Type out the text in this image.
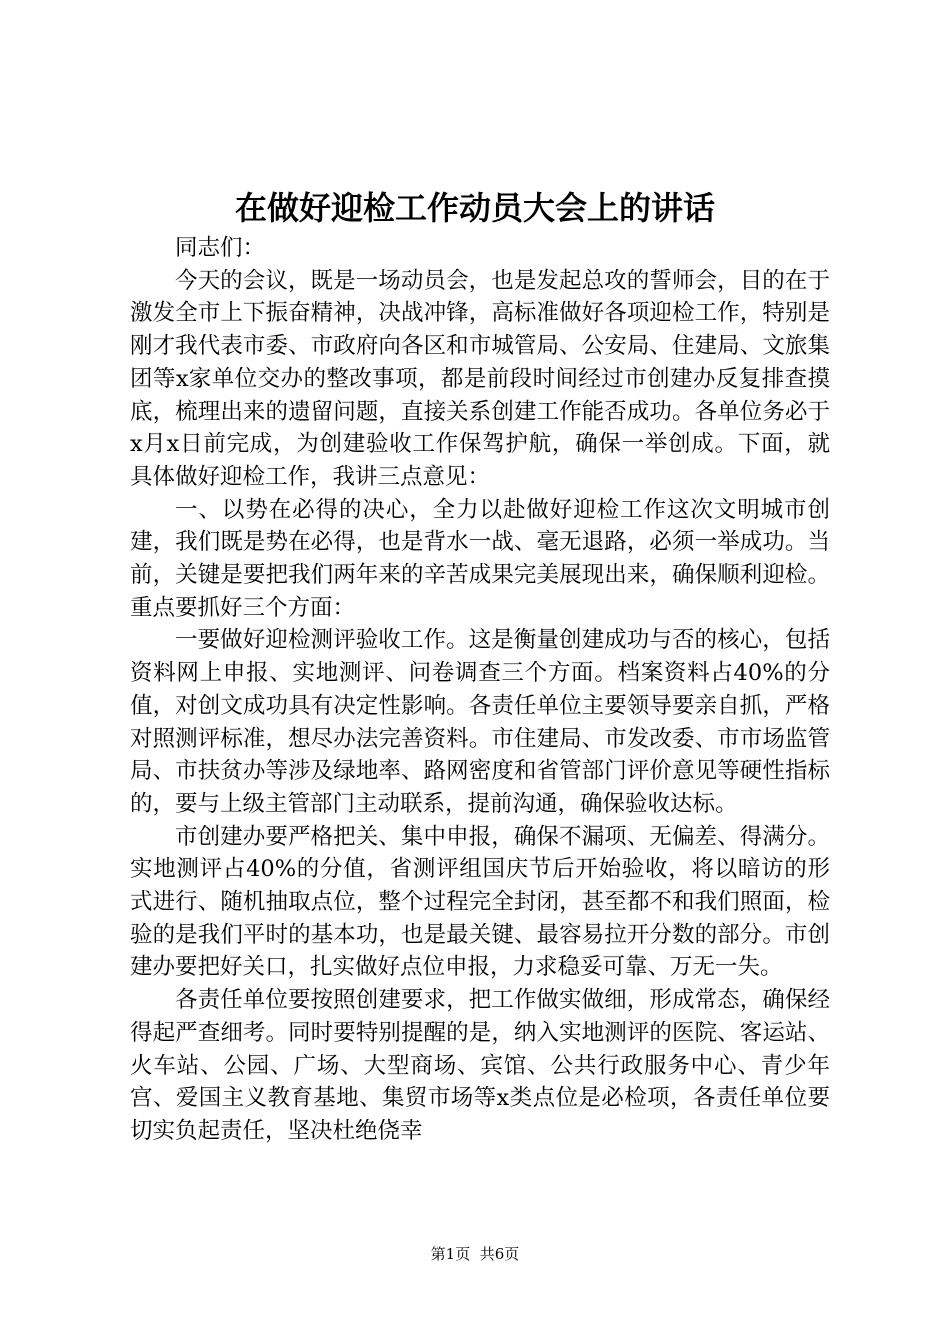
在做好迎检工作动员大会上的讲话

同志们：

今天的会议，既是一场动员会，也是发起总攻的誓师会，目的在于激发全市上下振奋精神，决战冲锋，高标准做好各项迎检工作，特别是刚才我代表市委、市政府向各区和市城管局、公安局、住建局、文旅集团等x家单位交办的整改事项，都是前段时间经过市创建办反复排查摸底，梳理出来的遗留问题，直接关系创建工作能否成功。各单位务必于x月x日前完成，为创建验收工作保驾护航，确保一举创成。下面，就具体做好迎检工作，我讲三点意见：

一、以势在必得的决心，全力以赴做好迎检工作这次文明城市创建，我们既是势在必得，也是背水一战、毫无退路，必须一举成功。当前，关键是要把我们两年来的辛苦成果完美展现出来，确保顺利迎检。重点要抓好三个方面：

一要做好迎检测评验收工作。这是衡量创建成功与否的核心，包括资料网上申报、实地测评、问卷调查三个方面。档案资料占40%的分值，对创文成功具有决定性影响。各责任单位主要领导要亲自抓，严格对照测评标准，想尽办法完善资料。市住建局、市发改委、市市场监管局、市扶贫办等涉及绿地率、路网密度和省管部门评价意见等硬性指标的，要与上级主管部门主动联系，提前沟通，确保验收达标。

市创建办要严格把关、集中申报，确保不漏项、无偏差、得满分。实地测评占40%的分值，省测评组国庆节后开始验收，将以暗访的形式进行、随机抽取点位，整个过程完全封闭，甚至都不和我们照面，检验的是我们平时的基本功，也是最关键、最容易拉开分数的部分。市创建办要把好关口，扎实做好点位申报，力求稳妥可靠、万无一失。

各责任单位要按照创建要求，把工作做实做细，形成常态，确保经得起严查细考。同时要特别提醒的是，纳入实地测评的医院、客运站、火车站、公园、广场、大型商场、宾馆、公共行政服务中心、青少年宫、爱国主义教育基地、集贸市场等x类点位是必检项，各责任单位要切实负起责任，坚决杜绝侥幸

第1页 共6页
